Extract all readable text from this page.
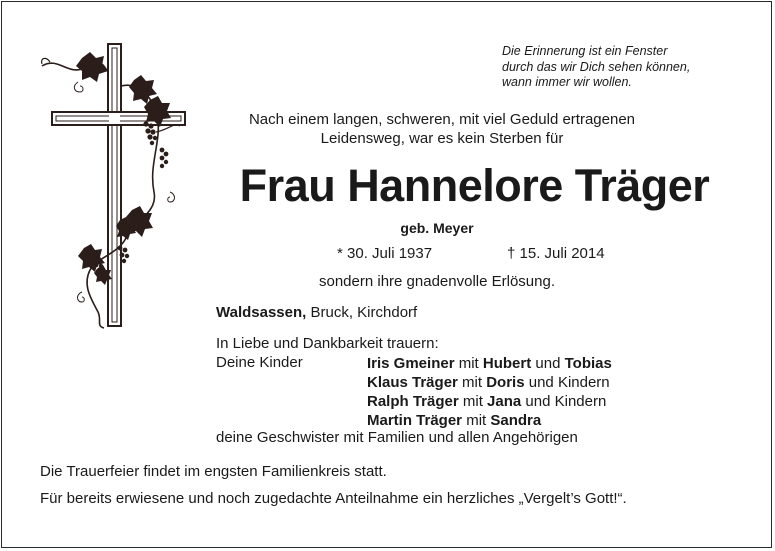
Die Erinnerung ist ein Fenster
durch das wir Dich sehen können,
wann immer wir wollen.
Nach einem langen, schweren, mit viel Geduld ertragenen
Leidensweg, war es kein Sterben für
Frau Hannelore Träger
geb. Meyer
* 30. Juli 1937	† 15. Juli 2014
sondern ihre gnadenvolle Erlösung.
Waldsassen, Bruck, Kirchdorf
In Liebe und Dankbarkeit trauern:
Deine Kinder	Iris Gmeiner mit Hubert und Tobias
Klaus Träger mit Doris und Kindern
Ralph Träger mit Jana und Kindern
Martin Träger mit Sandra
deine Geschwister mit Familien und allen Angehörigen
Die Trauerfeier findet im engsten Familienkreis statt.
Für bereits erwiesene und noch zugedachte Anteilnahme ein herzliches „Vergelt’s Gott!“.
